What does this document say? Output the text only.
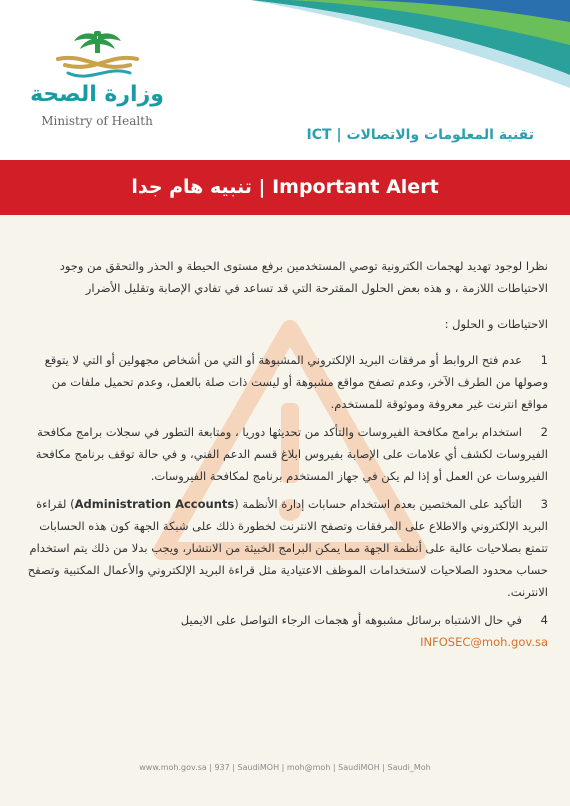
وزارة الصحة
Ministry of Health
تقنية المعلومات والاتصالات | ICT
تنبيه هام جدا | Important Alert

نظرا لوجود تهديد لهجمات الكترونية توصي المستخدمين برفع مستوى الحيطة و الحذر والتحقق من وجود الاحتياطات اللازمة ، و هذه بعض الحلول المقترحة التي قد تساعد في تفادي الإصابة وتقليل الأضرار

الاحتياطات و الحلول :

1عدم فتح الروابط أو مرفقات البريد الإلكتروني المشبوهة أو التي من أشخاص مجهولين أو التي لا يتوقع وصولها من الطرف الآخر، وعدم تصفح مواقع مشبوهة أو ليست ذات صلة بالعمل، وعدم تحميل ملفات من مواقع انترنت غير معروفة وموثوقة للمستخدم.
2استخدام برامج مكافحة الفيروسات والتأكد من تحديثها دوريا ، ومتابعة التطور في سجلات برامج مكافحة الفيروسات لكشف أي علامات على الإصابة بفيروس ابلاغ قسم الدعم الفني، و في حالة توقف برنامج مكافحة الفيروسات عن العمل أو إذا لم يكن في جهاز المستخدم برنامج لمكافحة الفيروسات.
3التأكيد على المختصين بعدم استخدام حسابات إدارة الأنظمة (Administration Accounts) لقراءة البريد الإلكتروني والاطلاع على المرفقات وتصفح الانترنت لخطورة ذلك على شبكة الجهة كون هذه الحسابات تتمتع بصلاحيات عالية على أنظمة الجهة مما يمكن البرامج الخبيثة من الانتشار، ويجب بدلا من ذلك يتم استخدام حساب محدود الصلاحيات لاستخدامات الموظف الاعتيادية مثل قراءة البريد الإلكتروني والأعمال المكتبية وتصفح الانترنت.
4في حال الاشتباه برسائل مشبوهه أو هجمات الرجاء التواصل على الايميل
INFOSEC@moh.gov.sa
www.moh.gov.sa | 937 | SaudiMOH | moh@moh | SaudiMOH | Saudi_Moh
